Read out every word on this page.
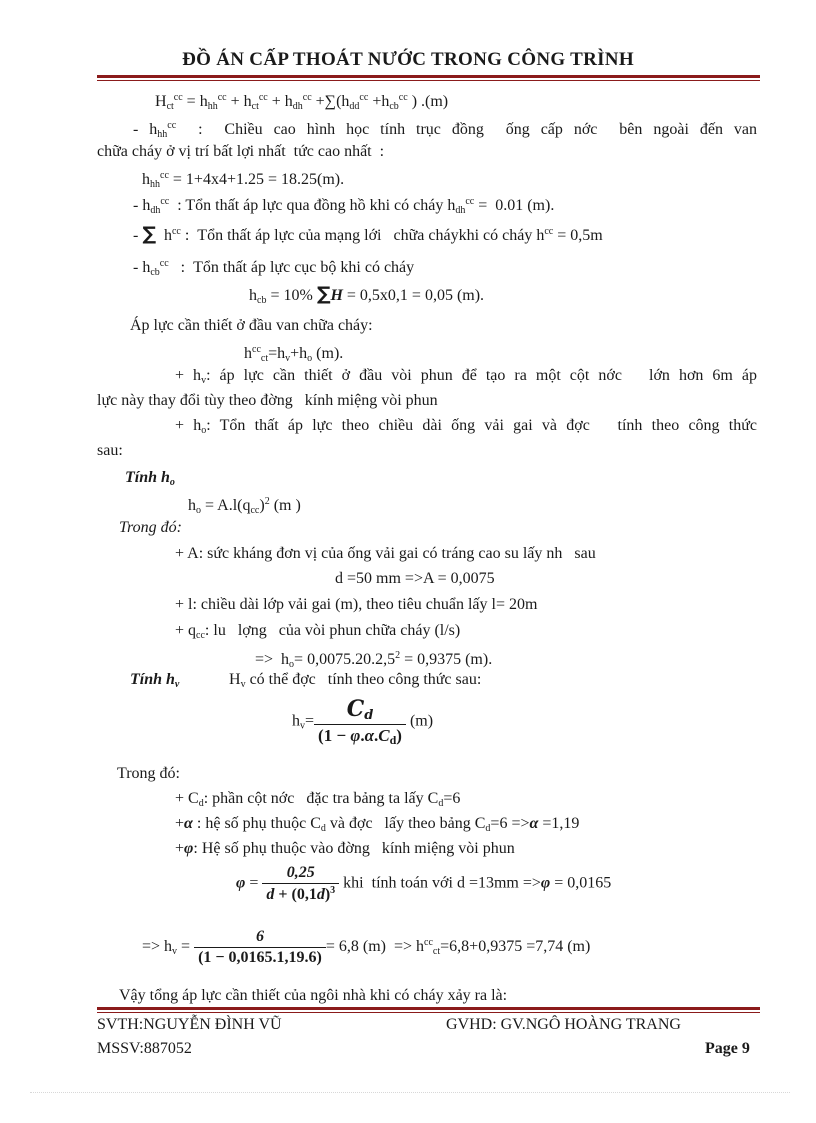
ĐỒ ÁN CẤP THOÁT NƯỚC TRONG CÔNG TRÌNH
$H_{ct}^{cc} = h_{hh}^{cc} + h_{ct}^{cc} + h_{dh}^{cc} +\sum(h_{dd}^{cc} +h_{cb}^{cc}$ ) .(m)
- $h_{hh}^{cc}$  :  Chiều cao hình học tính trục đồng  ống cấp nớc  bên ngoài đến van
chữa cháy ở vị trí bất lợi nhất  tức cao nhất  :
$h_{hh}^{cc} = 1+4x4+1.25 = 18.25(m)$.
- $h_{dh}^{cc}$  : Tổn thất áp lực qua đồng hồ khi có cháy $h_{dh}^{cc} = 0.01$ (m).
- ∑  $h^{cc}$ :  Tổn thất áp lực của mạng lới   chữa cháykhi có cháy $h^{cc} = 0,5m$
- $h_{cb}^{cc}$   :  Tổn thất áp lực cục bộ khi có cháy
$h_{cb} = 10\%$ ∑H = 0,5x0,1 = 0,05 (m).
Áp lực cần thiết ở đầu van chữa cháy:
$h^{cc}_{ct}=h_v+h_o$ (m).
+ $h_v$: áp lực cần thiết ở đầu vòi phun để tạo ra một cột nớc   lớn hơn 6m áp
lực này thay đổi tùy theo đờng   kính miệng vòi phun
+ $h_o$: Tổn thất áp lực theo chiều dài ống vải gai và đợc   tính theo công thức
sau:
Tính $h_o$
$h_o = A.l(q_{cc})^2$ (m )
Trong đó:
+ A: sức kháng đơn vị của ống vải gai có tráng cao su lấy nh   sau
d =50 mm =>A = 0,0075
+ l: chiều dài lớp vải gai (m), theo tiêu chuẩn lấy l= 20m
+ $q_{cc}$: lu   lợng   của vòi phun chữa cháy (l/s)
=>  $h_o= 0,0075.20.2,5^2 = 0,9375$ (m).
Tính $h_v$	$H_v$ có thể đợc   tính theo công thức sau:
$h_v= \frac{C_d}{(1 - \varphi.\alpha.C_d)} (m)$
Trong đó:
+ $C_d$: phần cột nớc   đặc tra bảng ta lấy $C_d=6$
+α : hệ số phụ thuộc $C_d$ và đợc   lấy theo bảng $C_d=6 =>\alpha =1,19$
+φ: Hệ số phụ thuộc vào đờng   kính miệng vòi phun
$\varphi = \frac{0,25}{d + (0,1d)^3}$ khi  tính toán với d =13mm =>φ = 0,0165
=> $h_v = \frac{6}{(1 - 0,0165.1,19.6)} = 6,8$ $(m) => h^{cc}_{ct}=6,8+0,9375 =7,74$ (m)
Vậy tổng áp lực cần thiết của ngôi nhà khi có cháy xảy ra là:
SVTH:NGUYỄN ĐÌNH VŨ	GVHD: GV.NGÔ HOÀNG TRANG
MSSV:887052	Page 9
